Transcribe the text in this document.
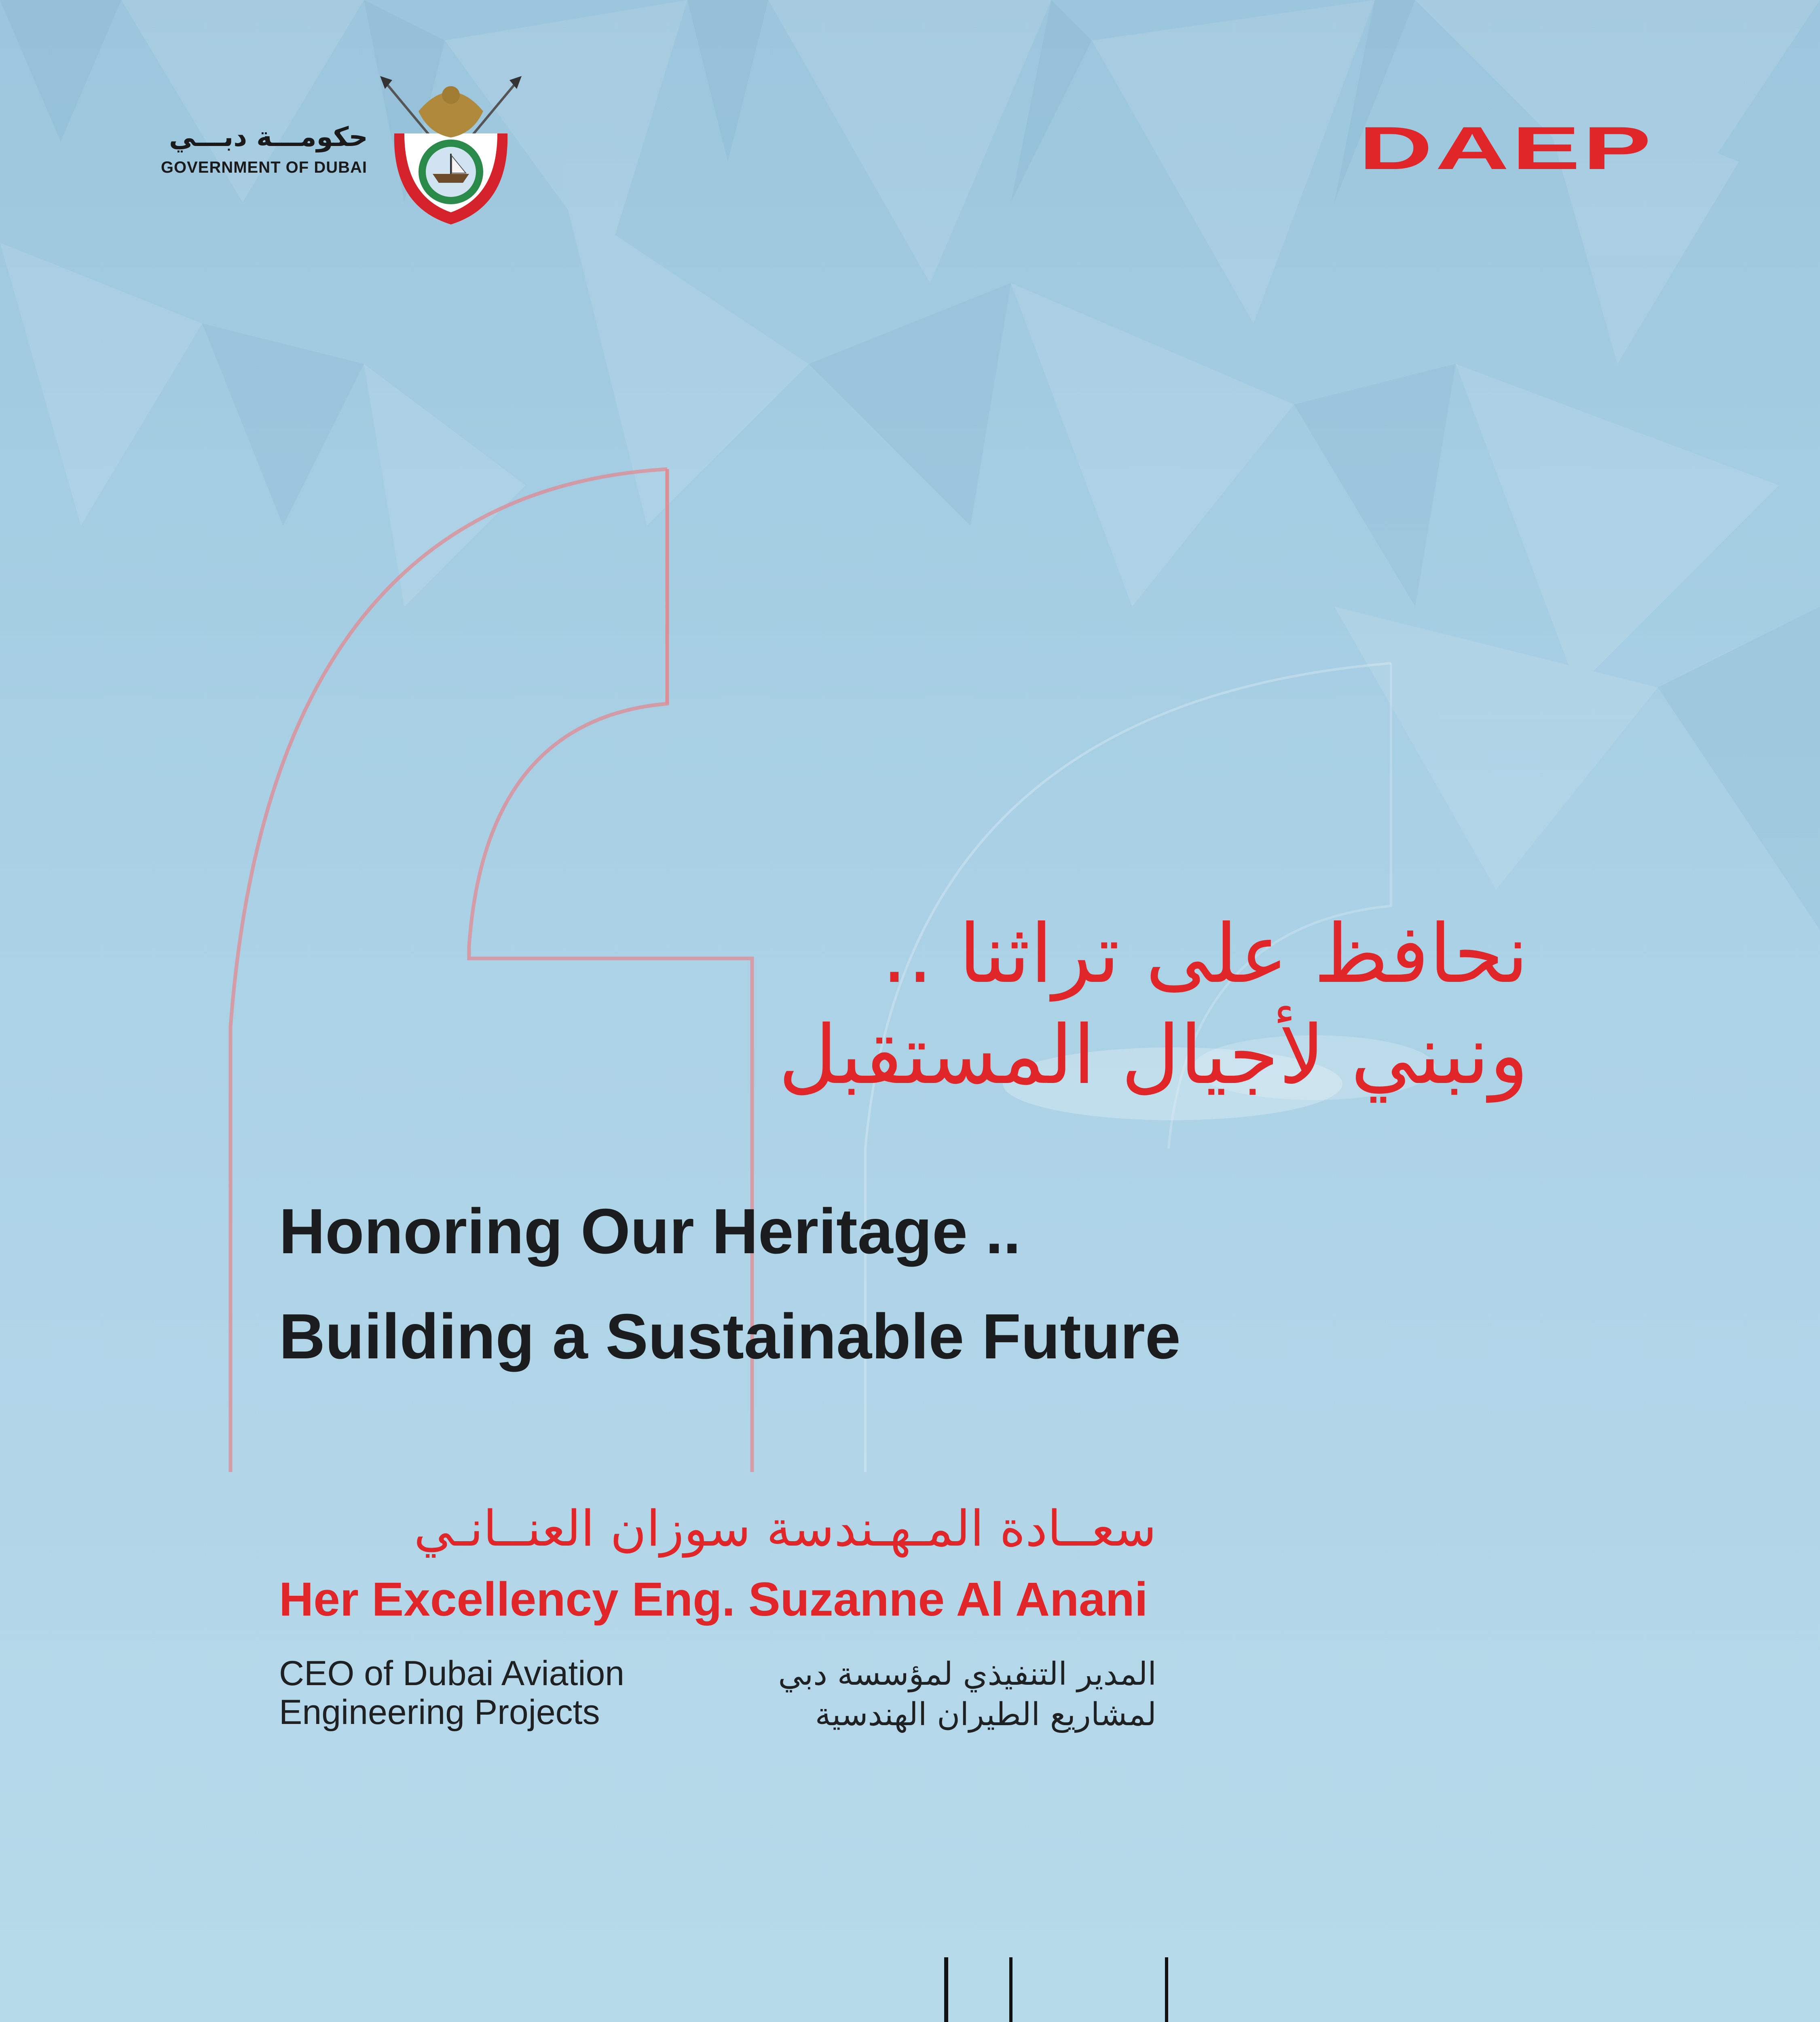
حكومـــة دبـــي
GOVERNMENT OF DUBAI	DAEP
نحافظ على تراثنا ..
ونبني لأجيال المستقبل
Honoring Our Heritage ..
Building a Sustainable Future
سعــادة المـهـندسة سوزان العنــانـي
Her Excellency Eng. Suzanne Al Anani
CEO of Dubai Aviation
Engineering Projects
المدير التنفيذي لمؤسسة دبي
لمشاريع الطيران الهندسية
